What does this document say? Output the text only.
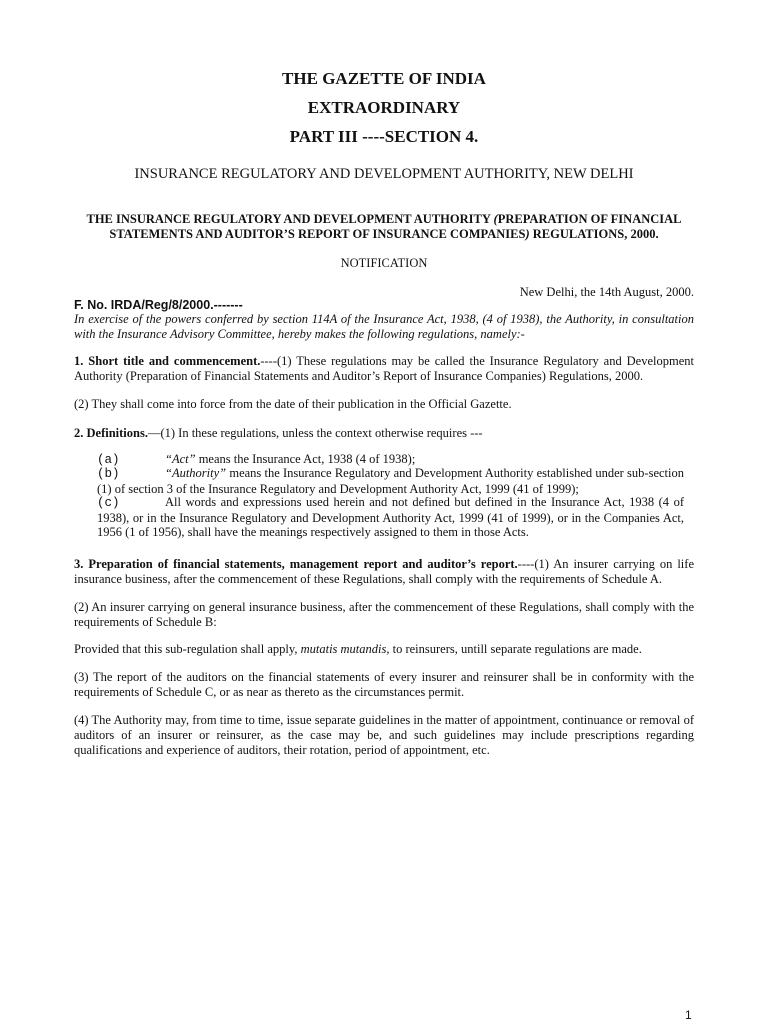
THE GAZETTE OF INDIA
EXTRAORDINARY
PART III ----SECTION 4.
INSURANCE REGULATORY AND DEVELOPMENT AUTHORITY, NEW DELHI
THE INSURANCE REGULATORY AND DEVELOPMENT AUTHORITY (PREPARATION OF FINANCIAL STATEMENTS AND AUDITOR’S REPORT OF INSURANCE COMPANIES) REGULATIONS, 2000.
NOTIFICATION
New Delhi, the 14th August, 2000.
F. No. IRDA/Reg/8/2000.-------
In exercise of the powers conferred by section 114A of the Insurance Act, 1938, (4 of 1938), the Authority, in consultation with the Insurance Advisory Committee, hereby makes the following regulations, namely:-
1. Short title and commencement.----(1) These regulations may be called the Insurance Regulatory and Development Authority (Preparation of Financial Statements and Auditor’s Report of Insurance Companies) Regulations, 2000.
(2) They shall come into force from the date of their publication in the Official Gazette.
2. Definitions.—(1) In these regulations, unless the context otherwise requires ---
(a)	“Act” means the Insurance Act, 1938 (4 of 1938);
(b)	“Authority” means the Insurance Regulatory and Development Authority established under sub-section (1) of section 3 of the Insurance Regulatory and Development Authority Act, 1999 (41 of 1999);
(c)	All words and expressions used herein and not defined but defined in the Insurance Act, 1938 (4 of 1938), or in the Insurance Regulatory and Development Authority Act, 1999 (41 of 1999), or in the Companies Act, 1956 (1 of 1956), shall have the meanings respectively assigned to them in those Acts.
3. Preparation of financial statements, management report and auditor’s report.----(1) An insurer carrying on life insurance business, after the commencement of these Regulations, shall comply with the requirements of Schedule A.
(2) An insurer carrying on general insurance business, after the commencement of these Regulations, shall comply with the requirements of Schedule B:
Provided that this sub-regulation shall apply, mutatis mutandis, to reinsurers, untill separate regulations are made.
(3) The report of the auditors on the financial statements of every insurer and reinsurer shall be in conformity with the requirements of Schedule C, or as near as thereto as the circumstances permit.
(4) The Authority may, from time to time, issue separate guidelines in the matter of appointment, continuance or removal of auditors of an insurer or reinsurer, as the case may be, and such guidelines may include prescriptions regarding qualifications and experience of auditors, their rotation, period of appointment, etc.
1
